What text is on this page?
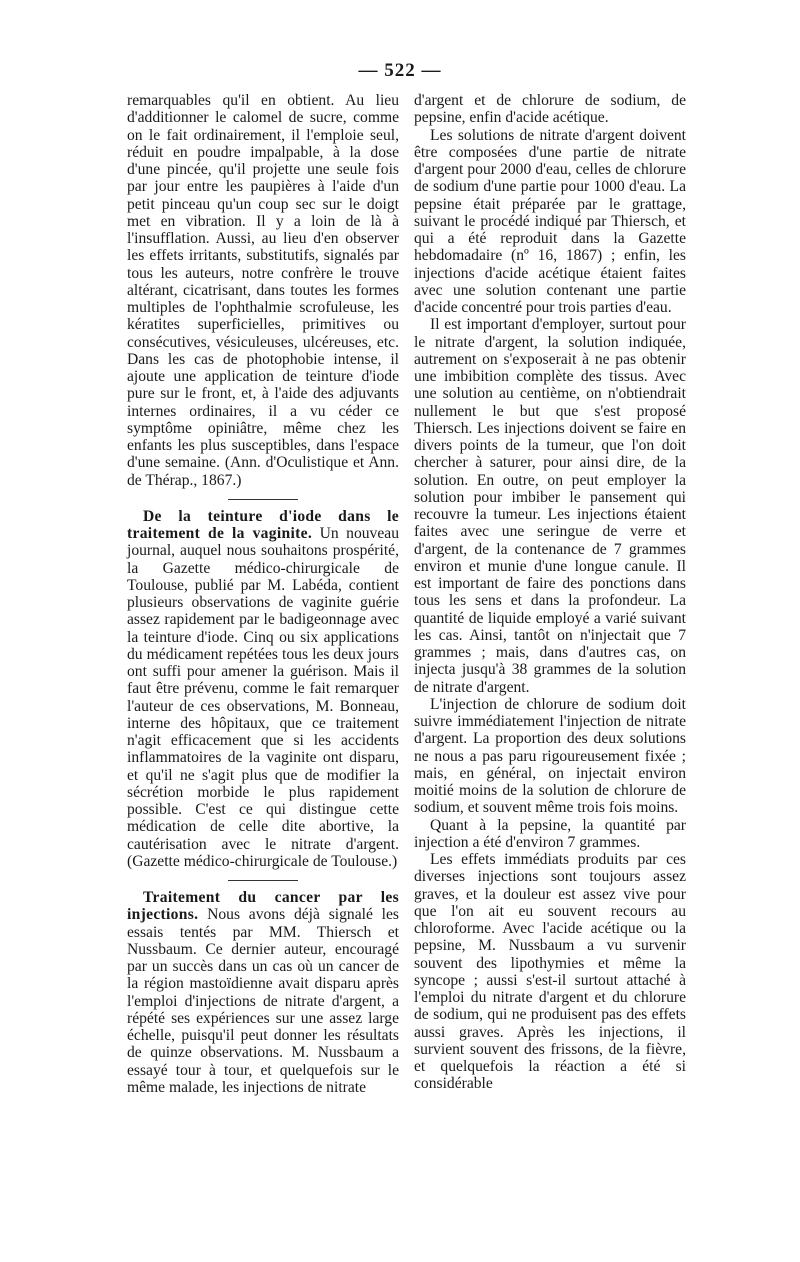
— 522 —

remarquables qu'il en obtient. Au lieu d'additionner le calomel de sucre, comme on le fait ordinairement, il l'emploie seul, réduit en poudre impalpable, à la dose d'une pincée, qu'il projette une seule fois par jour entre les paupières à l'aide d'un petit pinceau qu'un coup sec sur le doigt met en vibration. Il y a loin de là à l'insufflation. Aussi, au lieu d'en observer les effets irritants, substitutifs, signalés par tous les auteurs, notre confrère le trouve altérant, cicatrisant, dans toutes les formes multiples de l'ophthalmie scrofuleuse, les kératites superficielles, primitives ou consécutives, vésiculeuses, ulcéreuses, etc. Dans les cas de photophobie intense, il ajoute une application de teinture d'iode pure sur le front, et, à l'aide des adjuvants internes ordinaires, il a vu céder ce symptôme opiniâtre, même chez les enfants les plus susceptibles, dans l'espace d'une semaine. (Ann. d'Oculistique et Ann. de Thérap., 1867.)

De la teinture d'iode dans le traitement de la vaginite. Un nouveau journal, auquel nous souhaitons prospérité, la Gazette médico-chirurgicale de Toulouse, publié par M. Labéda, contient plusieurs observations de vaginite guérie assez rapidement par le badigeonnage avec la teinture d'iode. Cinq ou six applications du médicament repétées tous les deux jours ont suffi pour amener la guérison. Mais il faut être prévenu, comme le fait remarquer l'auteur de ces observations, M. Bonneau, interne des hôpitaux, que ce traitement n'agit efficacement que si les accidents inflammatoires de la vaginite ont disparu, et qu'il ne s'agit plus que de modifier la sécrétion morbide le plus rapidement possible. C'est ce qui distingue cette médication de celle dite abortive, la cautérisation avec le nitrate d'argent. (Gazette médico-chirurgicale de Toulouse.)

Traitement du cancer par les injections. Nous avons déjà signalé les essais tentés par MM. Thiersch et Nussbaum. Ce dernier auteur, encouragé par un succès dans un cas où un cancer de la région mastoïdienne avait disparu après l'emploi d'injections de nitrate d'argent, a répété ses expériences sur une assez large échelle, puisqu'il peut donner les résultats de quinze observations. M. Nussbaum a essayé tour à tour, et quelquefois sur le même malade, les injections de nitrate

d'argent et de chlorure de sodium, de pepsine, enfin d'acide acétique.

Les solutions de nitrate d'argent doivent être composées d'une partie de nitrate d'argent pour 2000 d'eau, celles de chlorure de sodium d'une partie pour 1000 d'eau. La pepsine était préparée par le grattage, suivant le procédé indiqué par Thiersch, et qui a été reproduit dans la Gazette hebdomadaire (nº 16, 1867) ; enfin, les injections d'acide acétique étaient faites avec une solution contenant une partie d'acide concentré pour trois parties d'eau.

Il est important d'employer, surtout pour le nitrate d'argent, la solution indiquée, autrement on s'exposerait à ne pas obtenir une imbibition complète des tissus. Avec une solution au centième, on n'obtiendrait nullement le but que s'est proposé Thiersch. Les injections doivent se faire en divers points de la tumeur, que l'on doit chercher à saturer, pour ainsi dire, de la solution. En outre, on peut employer la solution pour imbiber le pansement qui recouvre la tumeur. Les injections étaient faites avec une seringue de verre et d'argent, de la contenance de 7 grammes environ et munie d'une longue canule. Il est important de faire des ponctions dans tous les sens et dans la profondeur. La quantité de liquide employé a varié suivant les cas. Ainsi, tantôt on n'injectait que 7 grammes ; mais, dans d'autres cas, on injecta jusqu'à 38 grammes de la solution de nitrate d'argent.

L'injection de chlorure de sodium doit suivre immédiatement l'injection de nitrate d'argent. La proportion des deux solutions ne nous a pas paru rigoureusement fixée ; mais, en général, on injectait environ moitié moins de la solution de chlorure de sodium, et souvent même trois fois moins.

Quant à la pepsine, la quantité par injection a été d'environ 7 grammes.

Les effets immédiats produits par ces diverses injections sont toujours assez graves, et la douleur est assez vive pour que l'on ait eu souvent recours au chloroforme. Avec l'acide acétique ou la pepsine, M. Nussbaum a vu survenir souvent des lipothymies et même la syncope ; aussi s'est-il surtout attaché à l'emploi du nitrate d'argent et du chlorure de sodium, qui ne produisent pas des effets aussi graves. Après les injections, il survient souvent des frissons, de la fièvre, et quelquefois la réaction a été si considérable
